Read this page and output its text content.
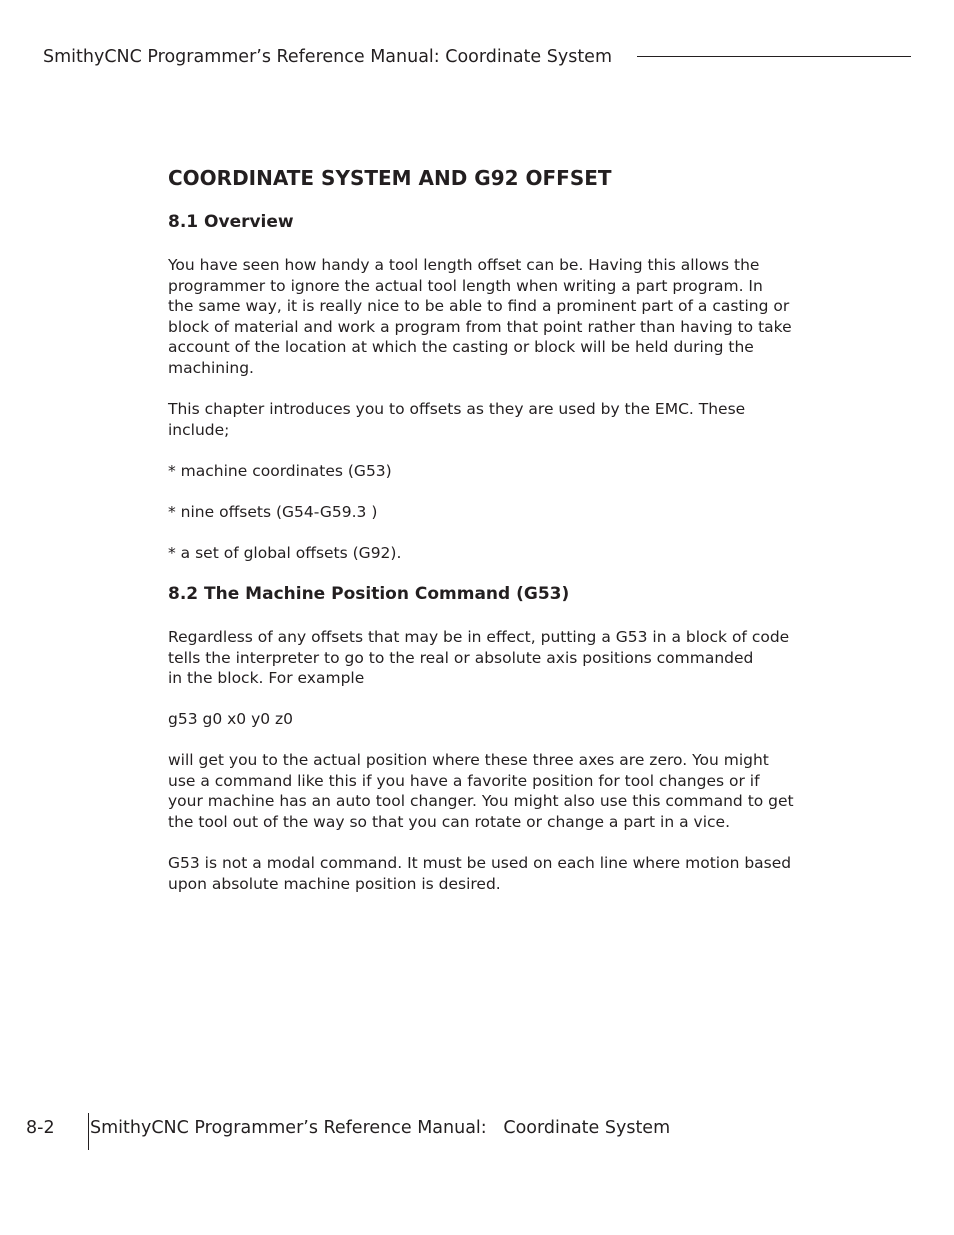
SmithyCNC Programmer’s Reference Manual: Coordinate System
COORDINATE SYSTEM AND G92 OFFSET
8.1 Overview

You have seen how handy a tool length offset can be. Having this allows the
programmer to ignore the actual tool length when writing a part program. In
the same way, it is really nice to be able to find a prominent part of a casting or
block of material and work a program from that point rather than having to take
account of the location at which the casting or block will be held during the
machining.

This chapter introduces you to offsets as they are used by the EMC. These
include;

* machine coordinates (G53)

* nine offsets (G54-G59.3 )

* a set of global offsets (G92).

8.2 The Machine Position Command (G53)

Regardless of any offsets that may be in effect, putting a G53 in a block of code
tells the interpreter to go to the real or absolute axis positions commanded
in the block. For example

g53 g0 x0 y0 z0

will get you to the actual position where these three axes are zero. You might
use a command like this if you have a favorite position for tool changes or if
your machine has an auto tool changer. You might also use this command to get
the tool out of the way so that you can rotate or change a part in a vice.

G53 is not a modal command. It must be used on each line where motion based
upon absolute machine position is desired.

8-2 SmithyCNC Programmer’s Reference Manual:   Coordinate System
